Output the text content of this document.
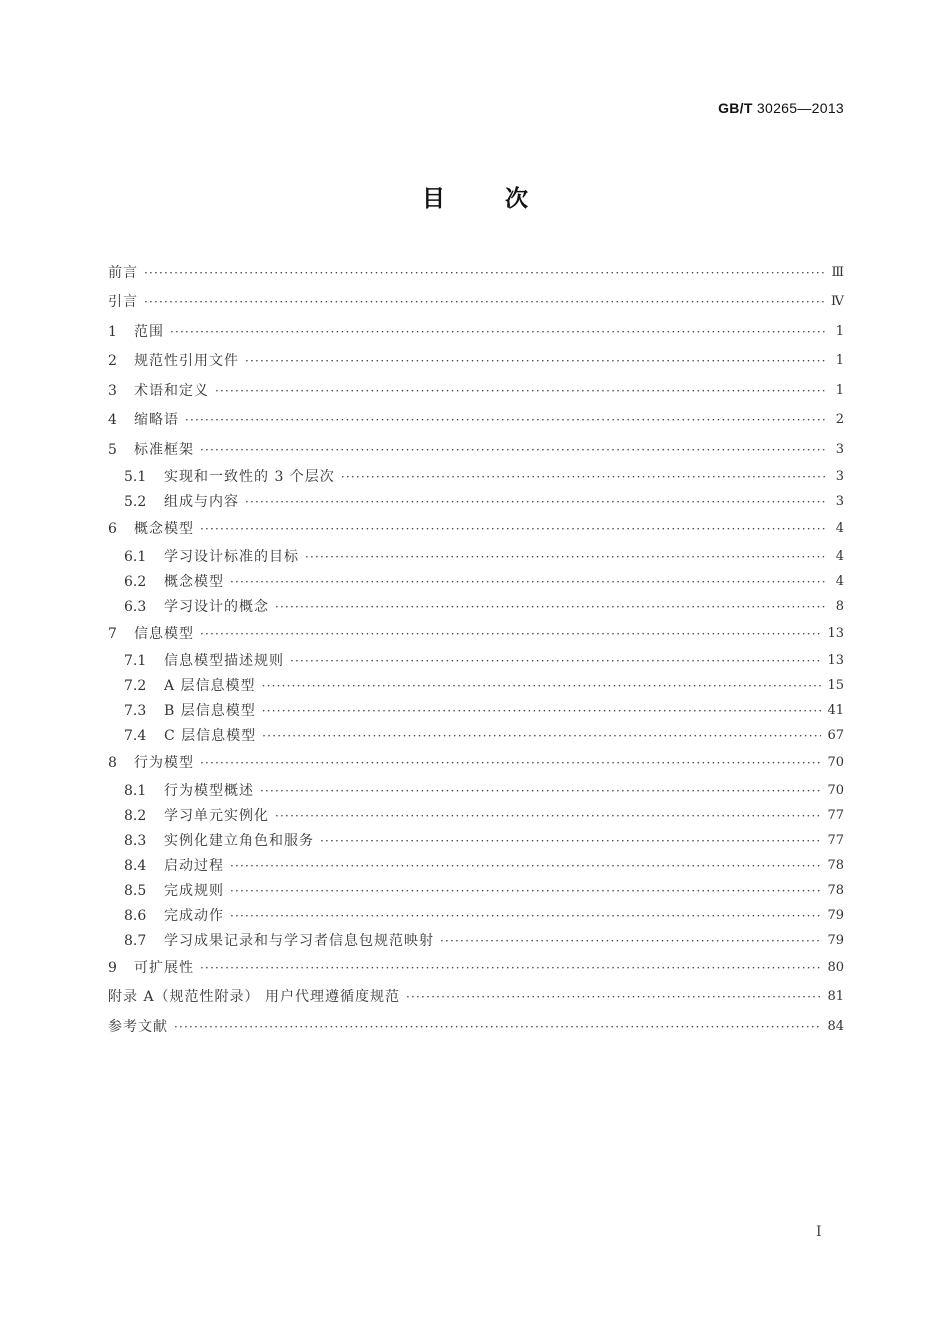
GB/T 30265—2013
目	次
前言 ·····	Ⅲ
引言 ·····	Ⅳ
1	范围 ·····	1
2	规范性引用文件 ·····	1
3	术语和定义 ·····	1
4	缩略语 ·····	2
5	标准框架 ·····	3
5.1	实现和一致性的 3 个层次 ·····	3
5.2	组成与内容 ·····	3
6	概念模型 ·····	4
6.1	学习设计标准的目标 ·····	4
6.2	概念模型 ·····	4
6.3	学习设计的概念 ·····	8
7	信息模型 ·····	13
7.1	信息模型描述规则 ·····	13
7.2	A 层信息模型 ·····	15
7.3	B 层信息模型 ·····	41
7.4	C 层信息模型 ·····	67
8	行为模型 ·····	70
8.1	行为模型概述 ·····	70
8.2	学习单元实例化 ·····	77
8.3	实例化建立角色和服务 ·····	77
8.4	启动过程 ·····	78
8.5	完成规则 ·····	78
8.6	完成动作 ·····	79
8.7	学习成果记录和与学习者信息包规范映射 ·····	79
9	可扩展性 ·····	80
附录 A（规范性附录） 用户代理遵循度规范 ·····	81
参考文献 ·····	84
Ⅰ
